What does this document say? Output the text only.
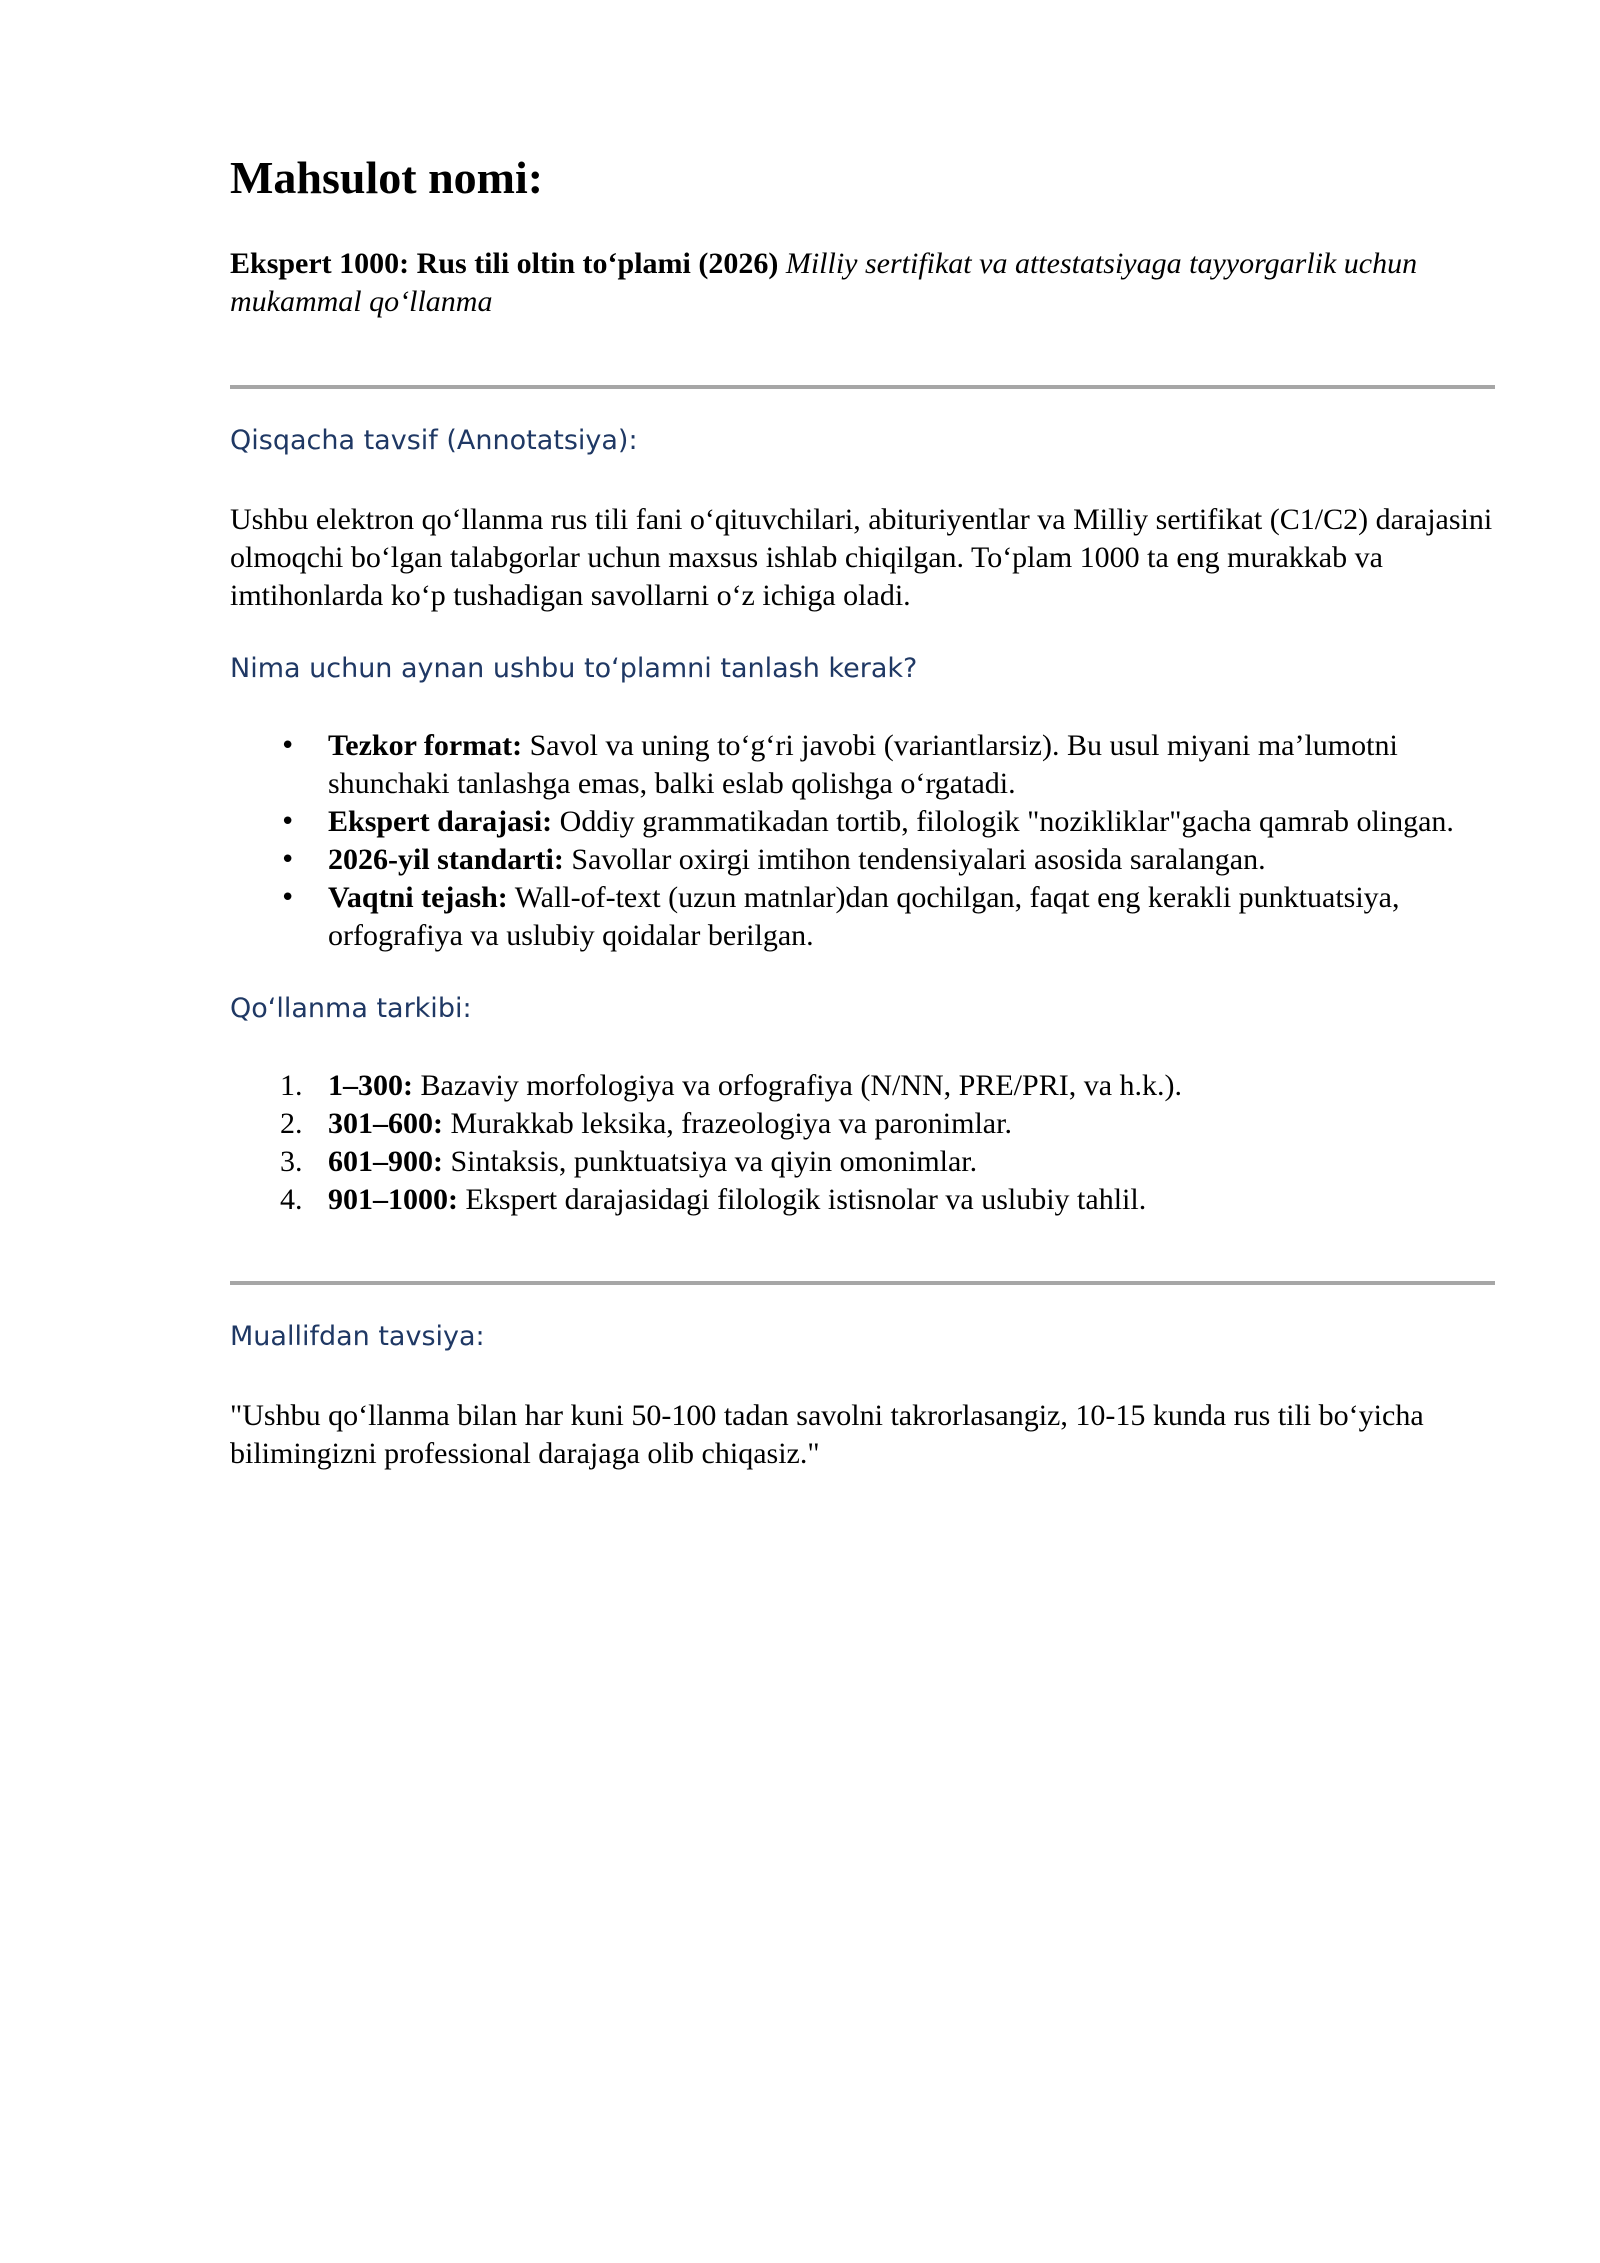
Mahsulot nomi:

Ekspert 1000: Rus tili oltin to‘plami (2026) Milliy sertifikat va attestatsiyaga tayyorgarlik uchun mukammal qo‘llanma

Qisqacha tavsif (Annotatsiya):

Ushbu elektron qo‘llanma rus tili fani o‘qituvchilari, abituriyentlar va Milliy sertifikat (C1/C2) darajasini olmoqchi bo‘lgan talabgorlar uchun maxsus ishlab chiqilgan. To‘plam 1000 ta eng murakkab va imtihonlarda ko‘p tushadigan savollarni o‘z ichiga oladi.

Nima uchun aynan ushbu to‘plamni tanlash kerak?
• Tezkor format: Savol va uning to‘g‘ri javobi (variantlarsiz). Bu usul miyani ma’lumotni shunchaki tanlashga emas, balki eslab qolishga o‘rgatadi.
• Ekspert darajasi: Oddiy grammatikadan tortib, filologik "nozikliklar"gacha qamrab olingan.
• 2026-yil standarti: Savollar oxirgi imtihon tendensiyalari asosida saralangan.
• Vaqtni tejash: Wall-of-text (uzun matnlar)dan qochilgan, faqat eng kerakli punktuatsiya, orfografiya va uslubiy qoidalar berilgan.
Qo‘llanma tarkibi:
1. 1–300: Bazaviy morfologiya va orfografiya (N/NN, PRE/PRI, va h.k.).
2. 301–600: Murakkab leksika, frazeologiya va paronimlar.
3. 601–900: Sintaksis, punktuatsiya va qiyin omonimlar.
4. 901–1000: Ekspert darajasidagi filologik istisnolar va uslubiy tahlil.
Muallifdan tavsiya:

"Ushbu qo‘llanma bilan har kuni 50-100 tadan savolni takrorlasangiz, 10-15 kunda rus tili bo‘yicha bilimingizni professional darajaga olib chiqasiz."
